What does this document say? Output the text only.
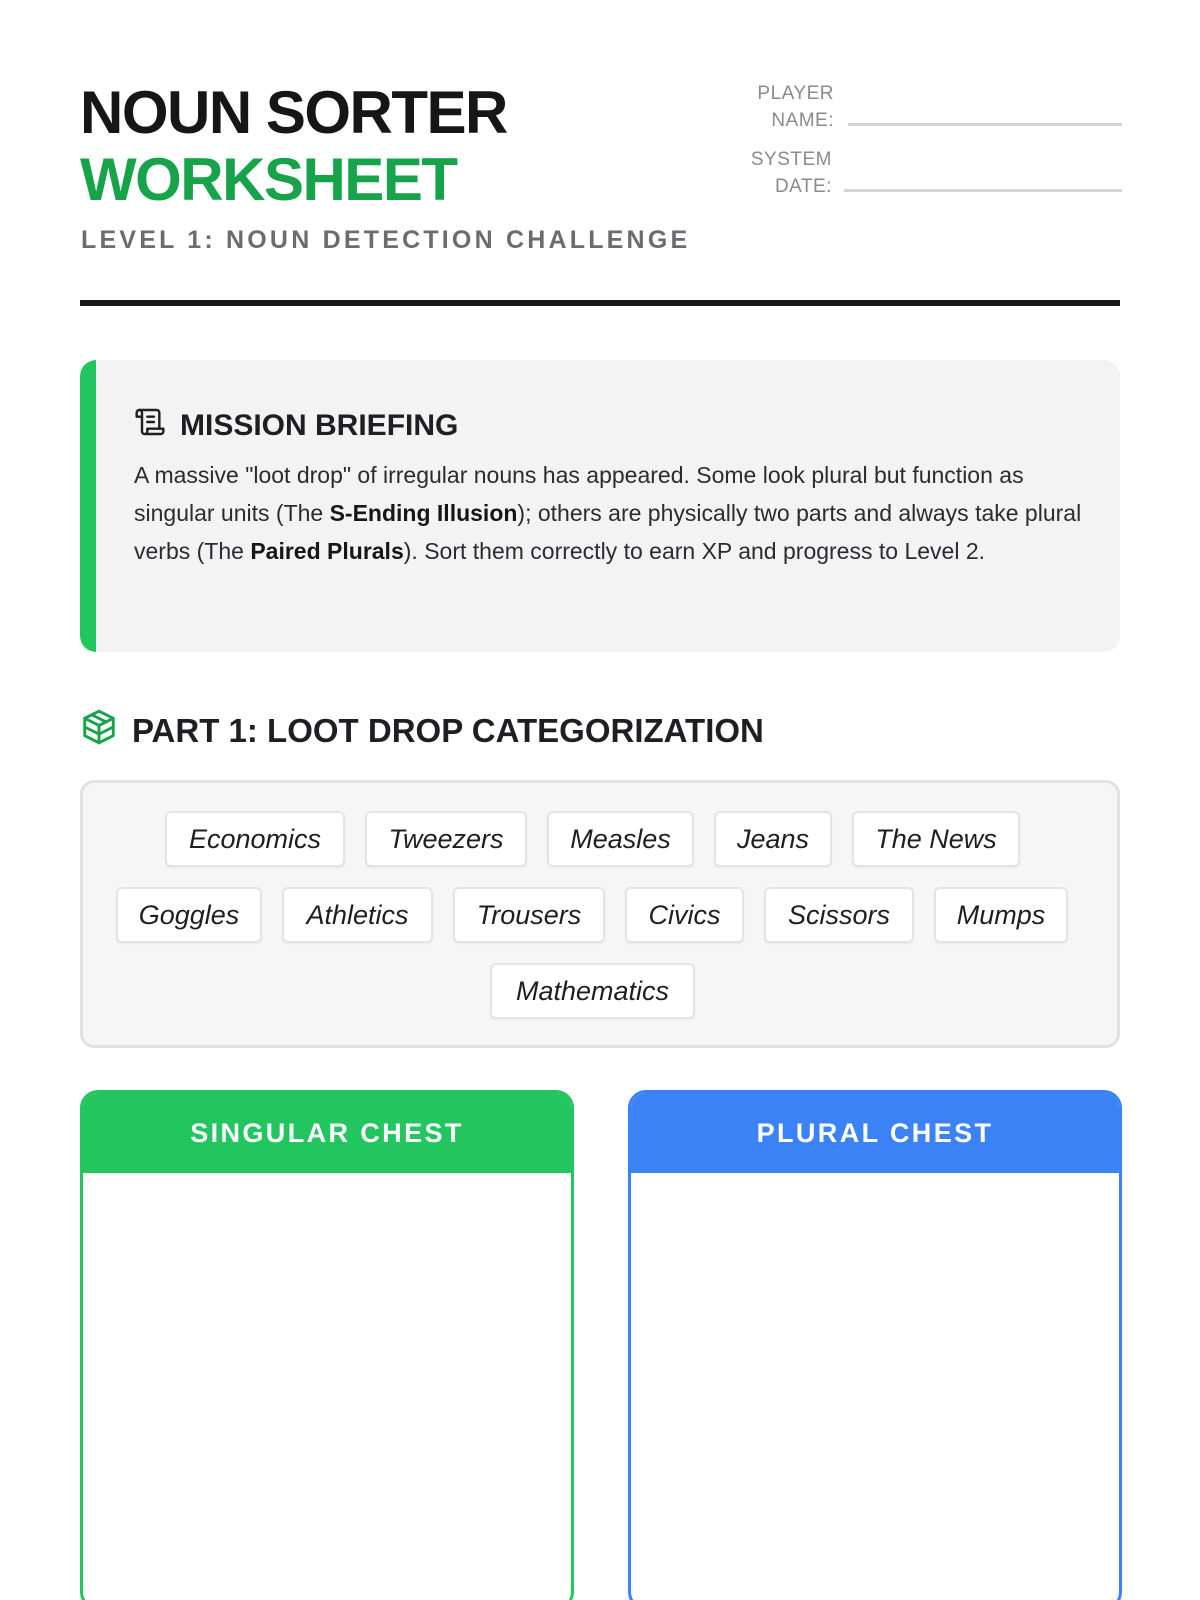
NOUN SORTER
WORKSHEET
LEVEL 1: NOUN DETECTION CHALLENGE
PLAYER
NAME:
SYSTEM
DATE:
MISSION BRIEFING

A massive "loot drop" of irregular nouns has appeared. Some look plural but function as singular units (The S-Ending Illusion); others are physically two parts and always take plural verbs (The Paired Plurals). Sort them correctly to earn XP and progress to Level 2.

PART 1: LOOT DROP CATEGORIZATION
Economics	Tweezers	Measles	Jeans	The News
Goggles	Athletics	Trousers	Civics	Scissors	Mumps
Mathematics
SINGULAR CHEST	PLURAL CHEST
